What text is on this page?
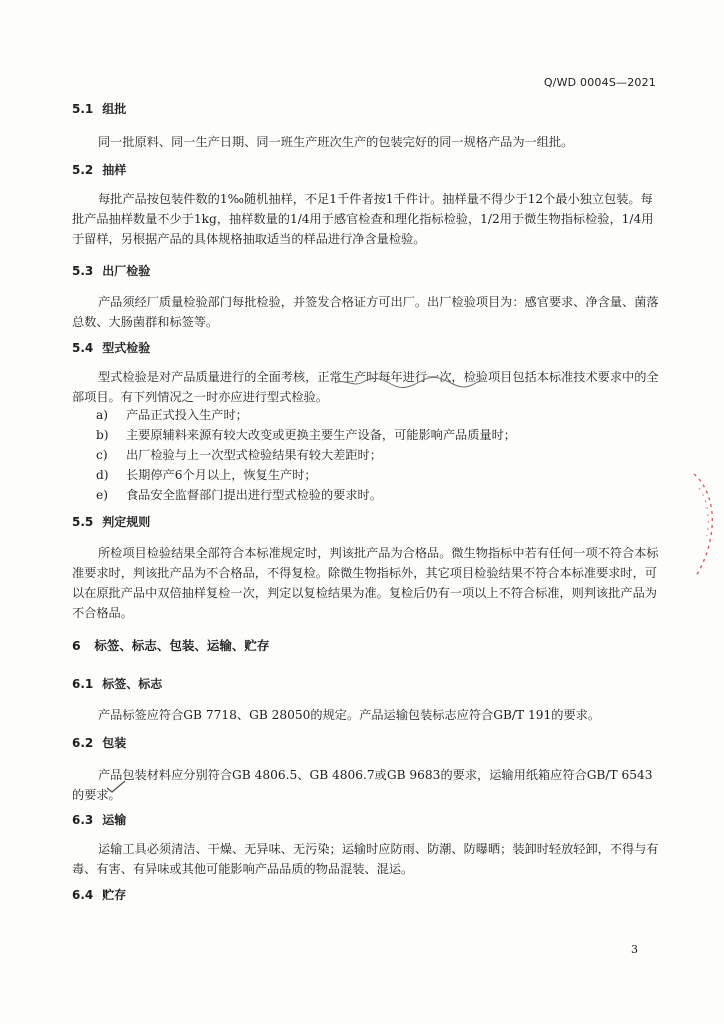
Q/WD 0004S—2021
5.1 组批

同一批原料、同一生产日期、同一班生产班次生产的包装完好的同一规格产品为一组批。

5.2 抽样

每批产品按包装件数的1‰随机抽样，不足1千件者按1千件计。抽样量不得少于12个最小独立包装。每批产品抽样数量不少于1kg，抽样数量的1/4用于感官检查和理化指标检验，1/2用于微生物指标检验，1/4用于留样，另根据产品的具体规格抽取适当的样品进行净含量检验。

5.3 出厂检验

产品须经厂质量检验部门每批检验，并签发合格证方可出厂。出厂检验项目为：感官要求、净含量、菌落总数、大肠菌群和标签等。

5.4 型式检验

型式检验是对产品质量进行的全面考核，正常生产时每年进行一次，检验项目包括本标准技术要求中的全部项目。有下列情况之一时亦应进行型式检验。

a) 产品正式投入生产时；
b) 主要原辅料来源有较大改变或更换主要生产设备，可能影响产品质量时；
c) 出厂检验与上一次型式检验结果有较大差距时；
d) 长期停产6个月以上，恢复生产时；
e) 食品安全监督部门提出进行型式检验的要求时。
5.5 判定规则

所检项目检验结果全部符合本标准规定时，判该批产品为合格品。微生物指标中若有任何一项不符合本标准要求时，判该批产品为不合格品，不得复检。除微生物指标外，其它项目检验结果不符合本标准要求时，可以在原批产品中双倍抽样复检一次，判定以复检结果为准。复检后仍有一项以上不符合标准，则判该批产品为不合格品。

6 标签、标志、包装、运输、贮存
6.1 标签、标志

产品标签应符合GB 7718、GB 28050的规定。产品运输包装标志应符合GB/T 191的要求。

6.2 包装

产品包装材料应分别符合GB 4806.5、GB 4806.7或GB 9683的要求，运输用纸箱应符合GB/T 6543的要求。

6.3 运输

运输工具必须清洁、干燥、无异味、无污染；运输时应防雨、防潮、防曝晒；装卸时轻放轻卸，不得与有毒、有害、有异味或其他可能影响产品品质的物品混装、混运。

6.4 贮存
3
